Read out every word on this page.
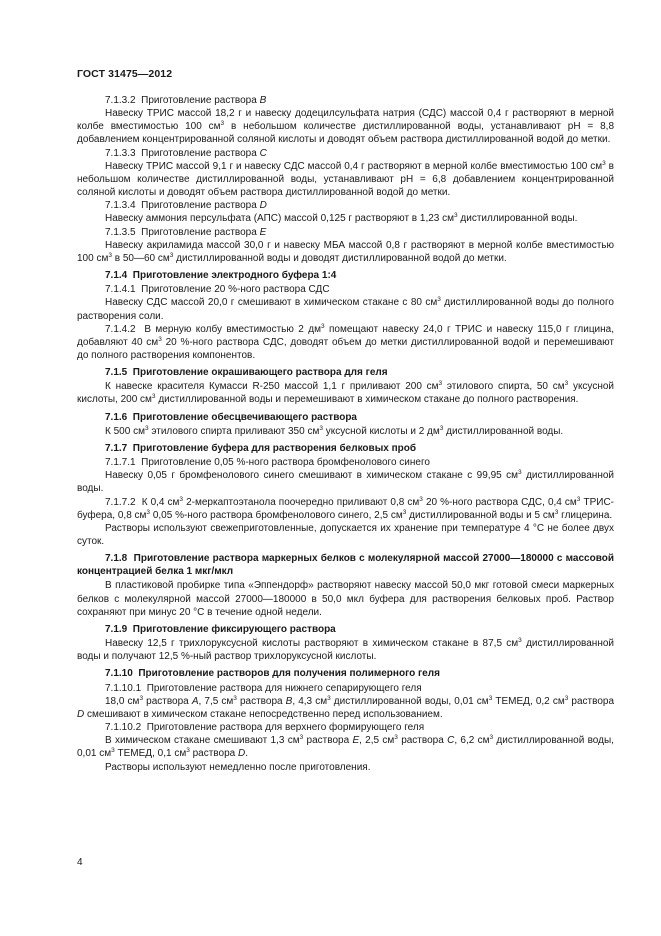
ГОСТ 31475—2012
7.1.3.2  Приготовление раствора B
Навеску ТРИС массой 18,2 г и навеску додецилсульфата натрия (СДС) массой 0,4 г растворяют в мерной колбе вместимостью 100 $см^3$ в небольшом количестве дистиллированной воды, устанавливают pH = 8,8 добавлением концентрированной соляной кислоты и доводят объем раствора дистиллированной водой до метки.
7.1.3.3  Приготовление раствора C
Навеску ТРИС массой 9,1 г и навеску СДС массой 0,4 г растворяют в мерной колбе вместимостью 100 $см^3$ в небольшом количестве дистиллированной воды, устанавливают pH = 6,8 добавлением концентрированной соляной кислоты и доводят объем раствора дистиллированной водой до метки.
7.1.3.4  Приготовление раствора D
Навеску аммония персульфата (АПС) массой 0,125 г растворяют в 1,23 $см^3$ дистиллированной воды.
7.1.3.5  Приготовление раствора E
Навеску акриламида массой 30,0 г и навеску МБА массой 0,8 г растворяют в мерной колбе вместимостью 100 $см^3$ в 50—60 $см^3$ дистиллированной воды и доводят дистиллированной водой до метки.
7.1.4  Приготовление электродного буфера 1:4
7.1.4.1  Приготовление 20 %-ного раствора СДС
Навеску СДС массой 20,0 г смешивают в химическом стакане с 80 $см^3$ дистиллированной воды до полного растворения соли.
7.1.4.2  В мерную колбу вместимостью 2 $дм^3$ помещают навеску 24,0 г ТРИС и навеску 115,0 г глицина, добавляют 40 $см^3$ 20 %-ного раствора СДС, доводят объем до метки дистиллированной водой и перемешивают до полного растворения компонентов.
7.1.5  Приготовление окрашивающего раствора для геля
К навеске красителя Кумасси R-250 массой 1,1 г приливают 200 $см^3$ этилового спирта, 50 $см^3$ уксусной кислоты, 200 $см^3$ дистиллированной воды и перемешивают в химическом стакане до полного растворения.
7.1.6  Приготовление обесцвечивающего раствора
К 500 $см^3$ этилового спирта приливают 350 $см^3$ уксусной кислоты и 2 $дм^3$ дистиллированной воды.
7.1.7  Приготовление буфера для растворения белковых проб
7.1.7.1  Приготовление 0,05 %-ного раствора бромфенолового синего
Навеску 0,05 г бромфенолового синего смешивают в химическом стакане с 99,95 $см^3$ дистиллированной воды.
7.1.7.2  К 0,4 $см^3$ 2-меркаптоэтанола поочередно приливают 0,8 $см^3$ 20 %-ного раствора СДС, 0,4 $см^3$ ТРИС-буфера, 0,8 $см^3$ 0,05 %-ного раствора бромфенолового синего, 2,5 $см^3$ дистиллированной воды и 5 $см^3$ глицерина.
Растворы используют свежеприготовленные, допускается их хранение при температуре 4 °С не более двух суток.
7.1.8  Приготовление раствора маркерных белков с молекулярной массой 27000—180000 с массовой концентрацией белка 1 мкг/мкл
В пластиковой пробирке типа «Эппендорф» растворяют навеску массой 50,0 мкг готовой смеси маркерных белков с молекулярной массой 27000—180000 в 50,0 мкл буфера для растворения белковых проб. Раствор сохраняют при минус 20 °С в течение одной недели.
7.1.9  Приготовление фиксирующего раствора
Навеску 12,5 г трихлоруксусной кислоты растворяют в химическом стакане в 87,5 $см^3$ дистиллированной воды и получают 12,5 %-ный раствор трихлоруксусной кислоты.
7.1.10  Приготовление растворов для получения полимерного геля
7.1.10.1  Приготовление раствора для нижнего сепарирующего геля
18,0 $см^3$ раствора A, 7,5 $см^3$ раствора B, 4,3 $см^3$ дистиллированной воды, 0,01 $см^3$ ТЕМЕД, 0,2 $см^3$ раствора D смешивают в химическом стакане непосредственно перед использованием.
7.1.10.2  Приготовление раствора для верхнего формирующего геля
В химическом стакане смешивают 1,3 $см^3$ раствора E, 2,5 $см^3$ раствора C, 6,2 $см^3$ дистиллированной воды, 0,01 $см^3$ ТЕМЕД, 0,1 $см^3$ раствора D.
Растворы используют немедленно после приготовления.
4
